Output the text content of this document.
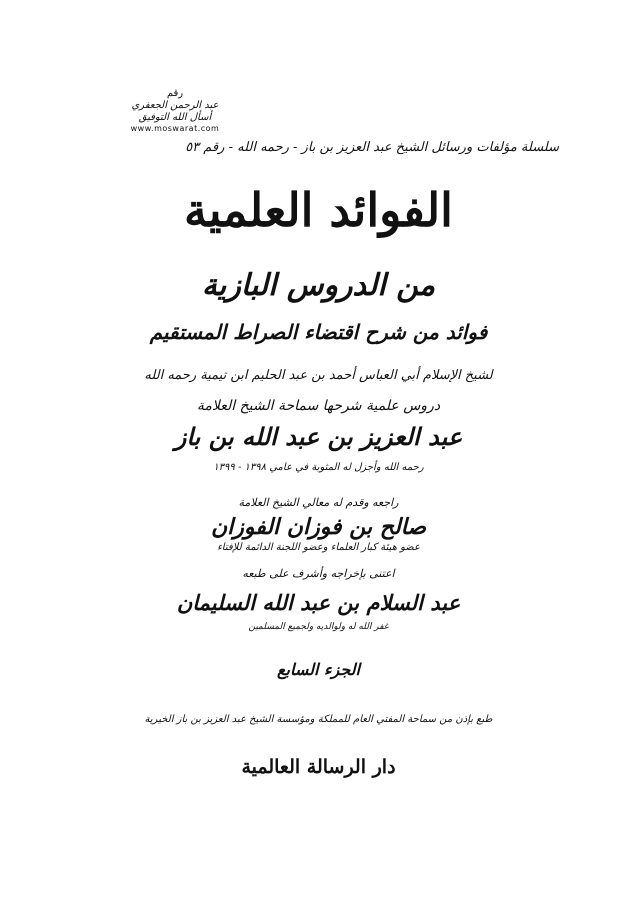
رقم
عبد الرحمن الجعفري
أسأل الله التوفيق
www.moswarat.com
سلسلة مؤلفات ورسائل الشيخ عبد العزيز بن باز - رحمه الله - رقم ٥٣
الفوائد العلمية
من الدروس البازية
فوائد من شرح اقتضاء الصراط المستقيم
لشيخ الإسلام أبي العباس أحمد بن عبد الحليم ابن تيمية رحمه الله
دروس علمية شرحها سماحة الشيخ العلامة
عبد العزيز بن عبد الله بن باز
رحمه الله وأجزل له المثوبة في عامي ١٣٩٨ - ١٣٩٩
راجعه وقدم له معالي الشيخ العلامة
صالح بن فوزان الفوزان
عضو هيئة كبار العلماء وعضو اللجنة الدائمة للإفتاء
اعتنى بإخراجه وأشرف على طبعه
عبد السلام بن عبد الله السليمان
غفر الله له ولوالديه ولجميع المسلمين
الجزء السابع
طبع بإذن من سماحة المفتي العام للمملكة ومؤسسة الشيخ عبد العزيز بن باز الخيرية
دار الرسالة العالمية
